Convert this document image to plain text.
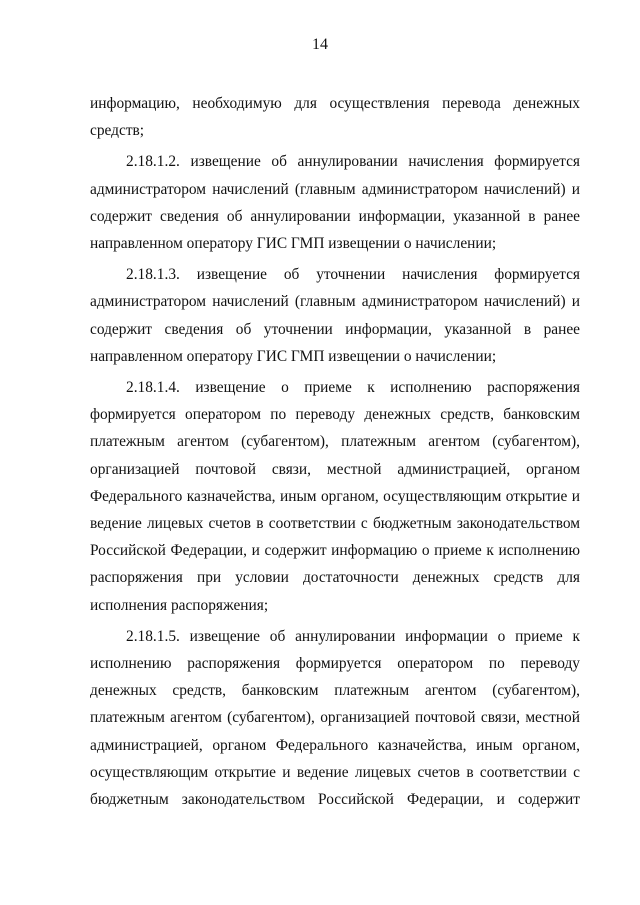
14

информацию, необходимую для осуществления перевода денежных
средств;

2.18.1.2. извещение об аннулировании начисления формируется
администратором начислений (главным администратором начислений) и
содержит сведения об аннулировании информации, указанной в ранее
направленном оператору ГИС ГМП извещении о начислении;

2.18.1.3. извещение об уточнении начисления формируется
администратором начислений (главным администратором начислений) и
содержит сведения об уточнении информации, указанной в ранее
направленном оператору ГИС ГМП извещении о начислении;

2.18.1.4. извещение о приеме к исполнению распоряжения
формируется оператором по переводу денежных средств, банковским
платежным агентом (субагентом), платежным агентом (субагентом),
организацией почтовой связи, местной администрацией, органом
Федерального казначейства, иным органом, осуществляющим открытие и
ведение лицевых счетов в соответствии с бюджетным законодательством
Российской Федерации, и содержит информацию о приеме к исполнению
распоряжения при условии достаточности денежных средств для
исполнения распоряжения;

2.18.1.5. извещение об аннулировании информации о приеме к
исполнению распоряжения формируется оператором по переводу
денежных средств, банковским платежным агентом (субагентом),
платежным агентом (субагентом), организацией почтовой связи, местной
администрацией, органом Федерального казначейства, иным органом,
осуществляющим открытие и ведение лицевых счетов в соответствии с
бюджетным законодательством Российской Федерации, и содержит
